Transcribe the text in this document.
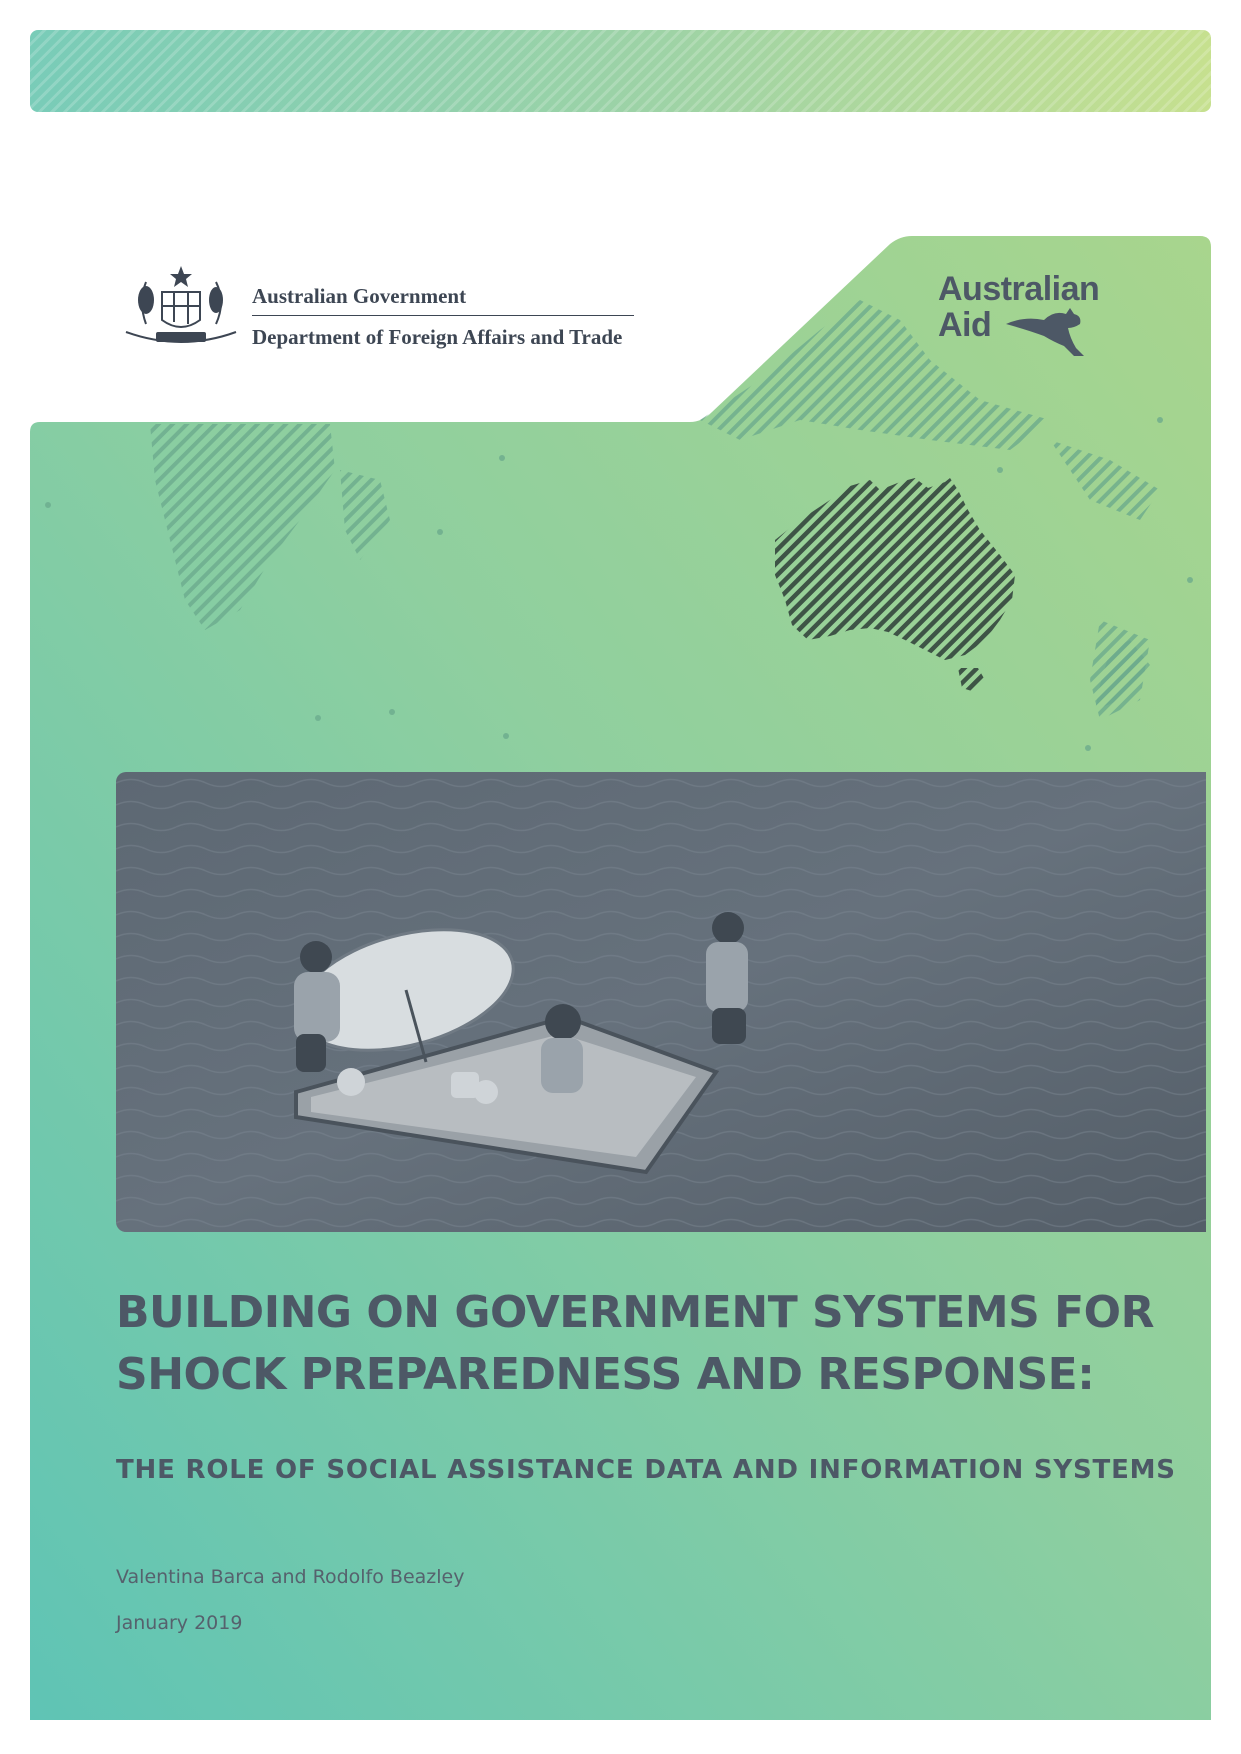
Australian Government
Department of Foreign Affairs and Trade
Australian
Aid
BUILDING ON GOVERNMENT SYSTEMS FOR
SHOCK PREPAREDNESS AND RESPONSE:
THE ROLE OF SOCIAL ASSISTANCE DATA AND INFORMATION SYSTEMS
Valentina Barca and Rodolfo Beazley
January 2019
